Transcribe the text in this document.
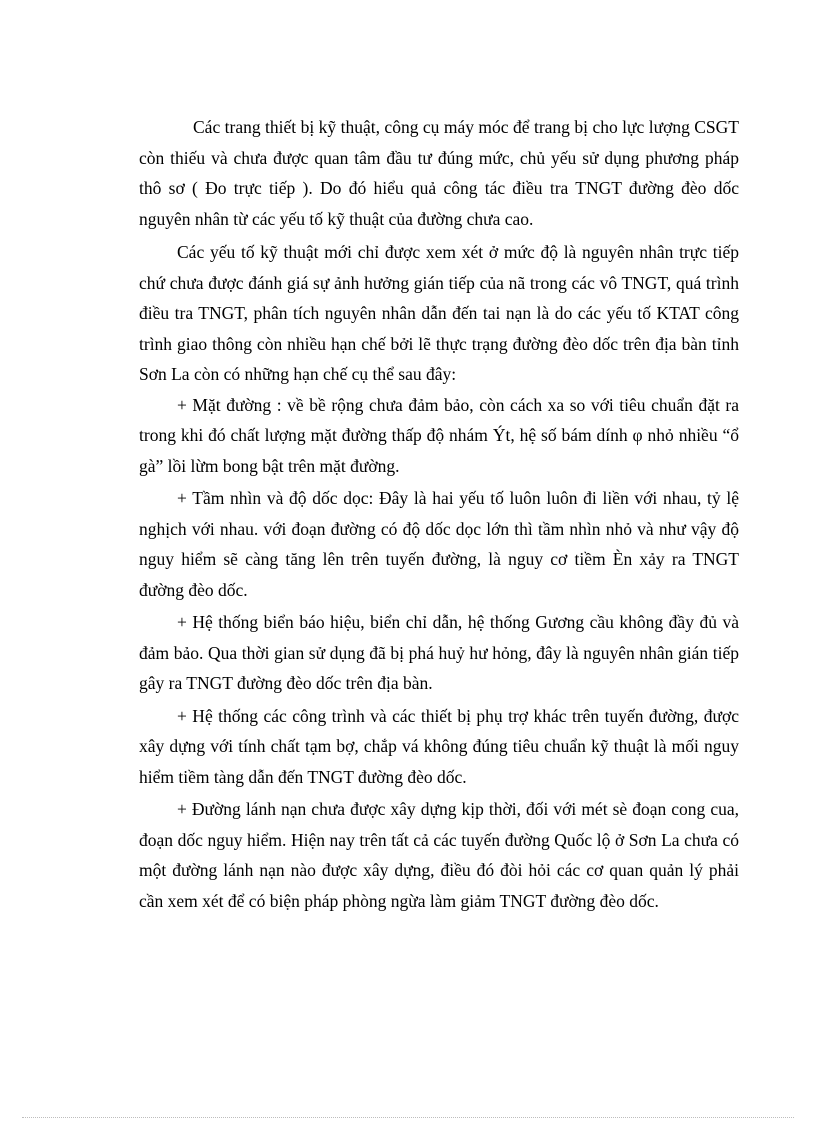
Các trang thiết bị kỹ thuật, công cụ máy móc để trang bị cho lực lượng CSGT còn thiếu và chưa được quan tâm đầu tư đúng mức, chủ yếu sử dụng phương pháp thô sơ ( Đo trực tiếp ). Do đó hiểu quả công tác điều tra TNGT đường đèo dốc nguyên nhân từ các yếu tố kỹ thuật của đường chưa cao.

Các yếu tố kỹ thuật mới chỉ được xem xét ở mức độ là nguyên nhân trực tiếp chứ chưa được đánh giá sự ảnh hưởng gián tiếp của nã trong các vô TNGT, quá trình điều tra TNGT, phân tích nguyên nhân dẫn đến tai nạn là do các yếu tố KTAT công trình giao thông còn nhiều hạn chế bởi lẽ thực trạng đường đèo dốc trên địa bàn tỉnh Sơn La còn có những hạn chế cụ thể sau đây:

+ Mặt đường : về bề rộng chưa đảm bảo, còn cách xa so với tiêu chuẩn đặt ra trong khi đó chất lượng mặt đường thấp độ nhám Ýt, hệ số bám dính φ nhỏ nhiều “ổ gà” lồi lừm bong bật trên mặt đường.

+ Tầm nhìn và độ dốc dọc: Đây là hai yếu tố luôn luôn đi liền với nhau, tỷ lệ nghịch với nhau. với đoạn đường có độ dốc dọc lớn thì tầm nhìn nhỏ và như vậy độ nguy hiểm sẽ càng tăng lên trên tuyến đường, là nguy cơ tiềm Èn xảy ra TNGT đường đèo dốc.

+ Hệ thống biển báo hiệu, biển chỉ dẫn, hệ thống Gương cầu không đầy đủ và đảm bảo. Qua thời gian sử dụng đã bị phá huỷ hư hỏng, đây là nguyên nhân gián tiếp gây ra TNGT đường đèo dốc trên địa bàn.

+ Hệ thống các công trình và các thiết bị phụ trợ khác trên tuyến đường, được xây dựng với tính chất tạm bợ, chắp vá không đúng tiêu chuẩn kỹ thuật là mối nguy hiểm tiềm tàng dẫn đến TNGT đường đèo dốc.

+ Đường lánh nạn chưa được xây dựng kịp thời, đối với mét sè đoạn cong cua, đoạn dốc nguy hiểm. Hiện nay trên tất cả các tuyến đường Quốc lộ ở Sơn La chưa có một đường lánh nạn nào được xây dựng, điều đó đòi hỏi các cơ quan quản lý phải cần xem xét để có biện pháp phòng ngừa làm giảm TNGT đường đèo dốc.
